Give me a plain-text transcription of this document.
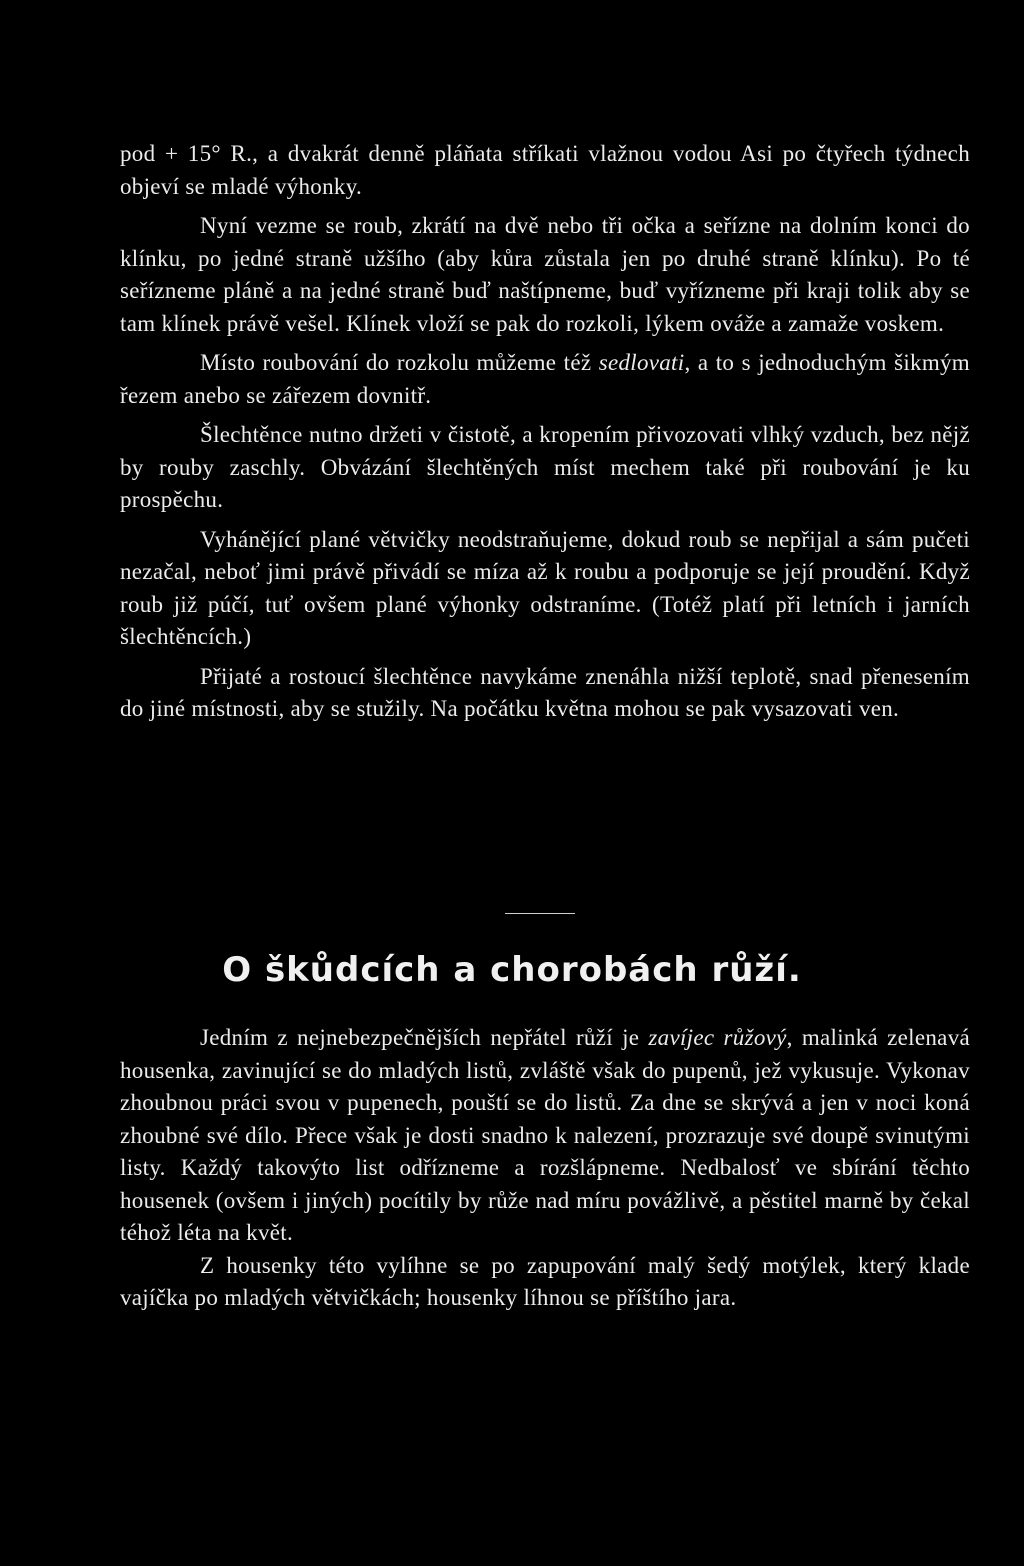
pod + 15° R., a dvakrát denně pláňata stříkati vlažnou vodou Asi po čtyřech týdnech objeví se mladé výhonky.

Nyní vezme se roub, zkrátí na dvě nebo tři očka a seřízne na dolním konci do klínku, po jedné straně užšího (aby kůra zůstala jen po druhé straně klínku). Po té seřízneme pláně a na jedné straně buď naštípneme, buď vyřízneme při kraji tolik aby se tam klínek právě vešel. Klínek vloží se pak do rozkoli, lýkem ováže a zamaže voskem.

Místo roubování do rozkolu můžeme též sedlovati, a to s jednoduchým šikmým řezem anebo se zářezem dovnitř.

Šlechtěnce nutno držeti v čistotě, a kropením přivozovati vlhký vzduch, bez nějž by rouby zaschly. Obvázání šlechtěných míst mechem také při roubování je ku prospěchu.

Vyhánějící plané větvičky neodstraňujeme, dokud roub se nepřijal a sám pučeti nezačal, neboť jimi právě přivádí se míza až k roubu a podporuje se její proudění. Když roub již púčí, tuť ovšem plané výhonky odstraníme. (Totéž platí při letních i jarních šlechtěncích.)

Přijaté a rostoucí šlechtěnce navykáme znenáhla nižší teplotě, snad přenesením do jiné místnosti, aby se stužily. Na počátku května mohou se pak vysazovati ven.

O škůdcích a chorobách růží.

Jedním z nejnebezpečnějších nepřátel růží je zavíjec růžový, malinká zelenavá housenka, zavinující se do mladých listů, zvláště však do pupenů, jež vykusuje. Vykonav zhoubnou práci svou v pupenech, pouští se do listů. Za dne se skrývá a jen v noci koná zhoubné své dílo. Přece však je dosti snadno k nalezení, prozrazuje své doupě svinutými listy. Každý takovýto list odřízneme a rozšlápneme. Nedbalosť ve sbírání těchto housenek (ovšem i jiných) pocítily by růže nad míru povážlivě, a pěstitel marně by čekal téhož léta na květ.

Z housenky této vylíhne se po zapupování malý šedý motýlek, který klade vajíčka po mladých větvičkách; housenky líhnou se příštího jara.
